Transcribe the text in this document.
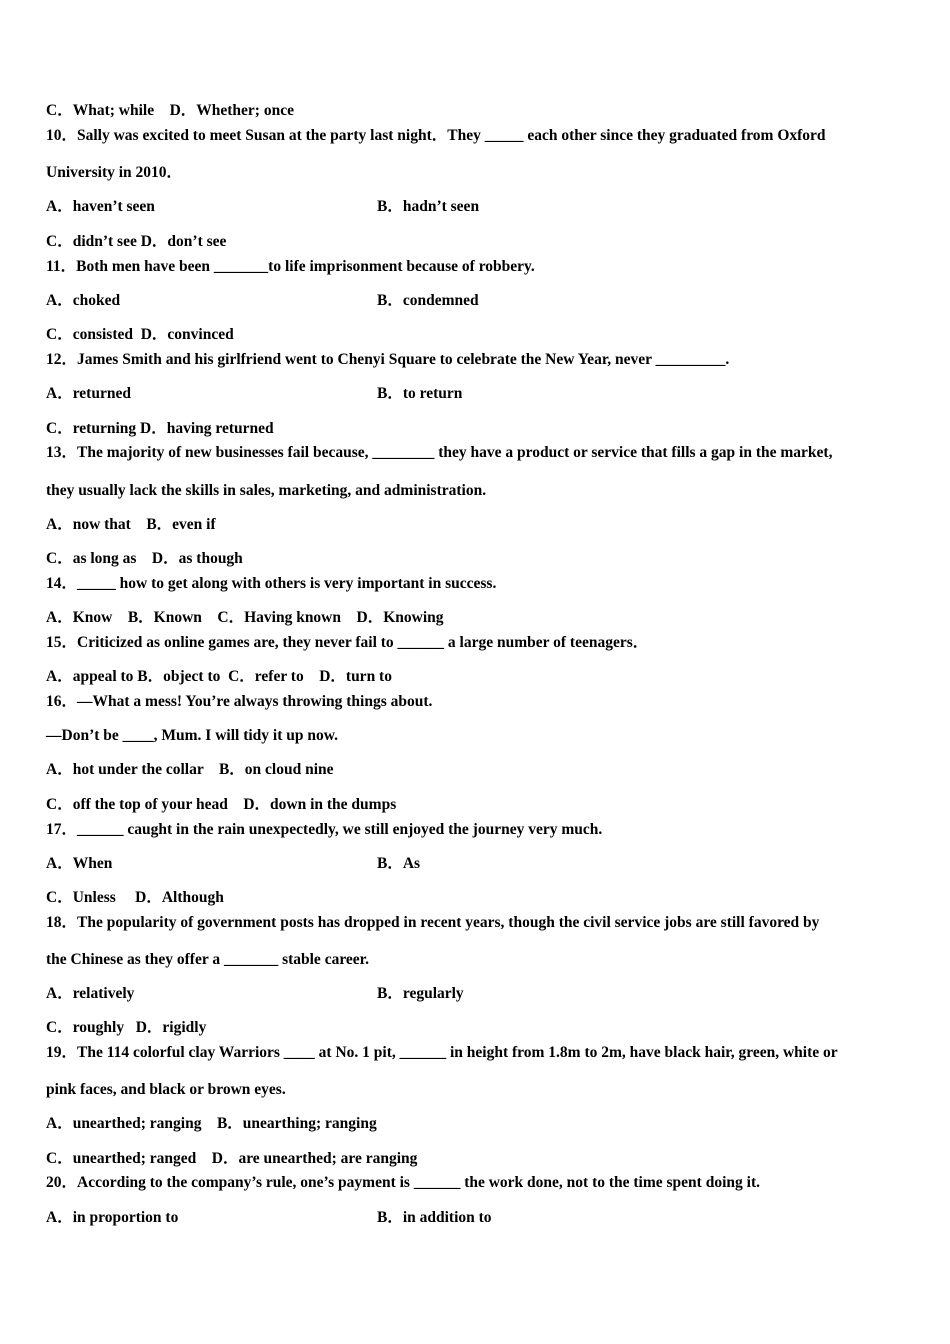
C．What; while    D．Whether; once
10．Sally was excited to meet Susan at the party last night．They _____ each other since they graduated from Oxford
University in 2010．
A．haven’t seen	B．hadn’t seen
C．didn’t see D．don’t see
11．Both men have been _______to life imprisonment because of robbery.
A．choked	B．condemned
C．consisted  D．convinced
12．James Smith and his girlfriend went to Chenyi Square to celebrate the New Year, never _________.
A．returned	B．to return
C．returning D．having returned
13．The majority of new businesses fail because, ________ they have a product or service that fills a gap in the market,
they usually lack the skills in sales, marketing, and administration.
A．now that    B．even if
C．as long as    D．as though
14．_____ how to get along with others is very important in success.
A．Know    B．Known    C．Having known    D．Knowing
15．Criticized as online games are, they never fail to ______ a large number of teenagers．
A．appeal to B．object to  C．refer to    D．turn to
16．—What a mess! You’re always throwing things about.
—Don’t be ____, Mum. I will tidy it up now.
A．hot under the collar    B．on cloud nine
C．off the top of your head    D．down in the dumps
17．______ caught in the rain unexpectedly, we still enjoyed the journey very much.
A．When	B．As
C．Unless     D．Although
18．The popularity of government posts has dropped in recent years, though the civil service jobs are still favored by
the Chinese as they offer a _______ stable career.
A．relatively	B．regularly
C．roughly   D．rigidly
19．The 114 colorful clay Warriors ____ at No. 1 pit, ______ in height from 1.8m to 2m, have black hair, green, white or
pink faces, and black or brown eyes.
A．unearthed; ranging    B．unearthing; ranging
C．unearthed; ranged    D．are unearthed; are ranging
20．According to the company’s rule, one’s payment is ______ the work done, not to the time spent doing it.
A．in proportion to	B．in addition to
